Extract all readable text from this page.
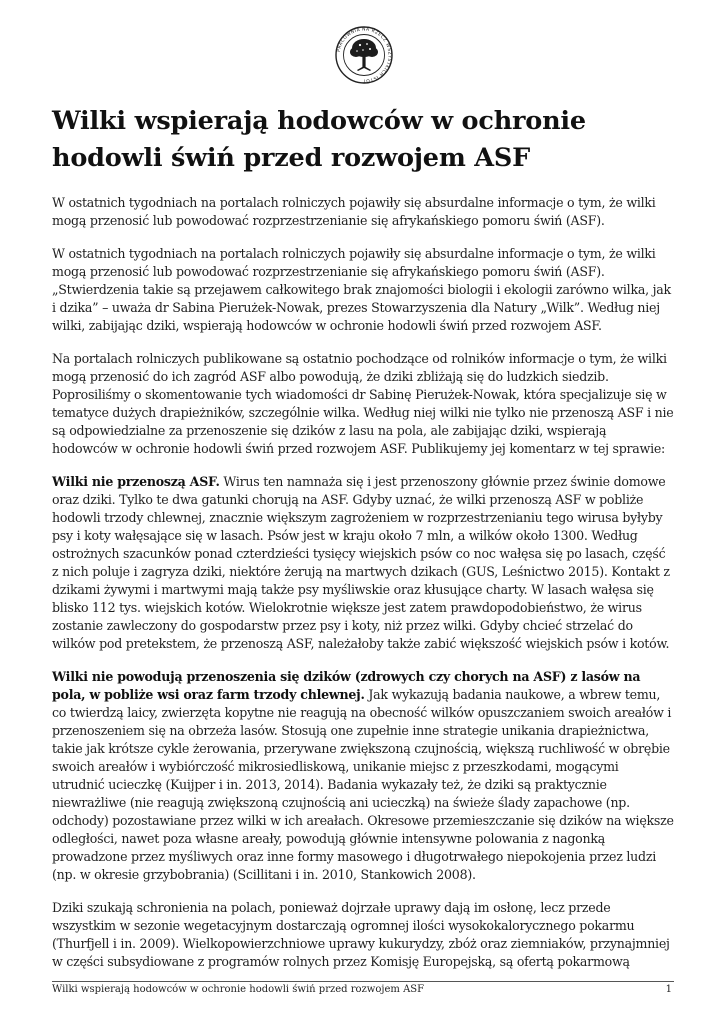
PRACOWNIA NA RZECZ WSZYSTKICH ISTOT
Wilki wspierają hodowców w ochronie
hodowli świń przed rozwojem ASF

W ostatnich tygodniach na portalach rolniczych pojawiły się absurdalne informacje o tym, że wilki mogą przenosić lub powodować rozprzestrzenianie się afrykańskiego pomoru świń (ASF).

W ostatnich tygodniach na portalach rolniczych pojawiły się absurdalne informacje o tym, że wilki mogą przenosić lub powodować rozprzestrzenianie się afrykańskiego pomoru świń (ASF). „Stwierdzenia takie są przejawem całkowitego brak znajomości biologii i ekologii zarówno wilka, jak i dzika” – uważa dr Sabina Pierużek-Nowak, prezes Stowarzyszenia dla Natury „Wilk”. Według niej wilki, zabijając dziki, wspierają hodowców w ochronie hodowli świń przed rozwojem ASF.

Na portalach rolniczych publikowane są ostatnio pochodzące od rolników informacje o tym, że wilki mogą przenosić do ich zagród ASF albo powodują, że dziki zbliżają się do ludzkich siedzib. Poprosiliśmy o skomentowanie tych wiadomości dr Sabinę Pierużek-Nowak, która specjalizuje się w tematyce dużych drapieżników, szczególnie wilka. Według niej wilki nie tylko nie przenoszą ASF i nie są odpowiedzialne za przenoszenie się dzików z lasu na pola, ale zabijając dziki, wspierają hodowców w ochronie hodowli świń przed rozwojem ASF. Publikujemy jej komentarz w tej sprawie:

Wilki nie przenoszą ASF. Wirus ten namnaża się i jest przenoszony głównie przez świnie domowe oraz dziki. Tylko te dwa gatunki chorują na ASF. Gdyby uznać, że wilki przenoszą ASF w pobliże hodowli trzody chlewnej, znacznie większym zagrożeniem w rozprzestrzenianiu tego wirusa byłyby psy i koty wałęsające się w lasach. Psów jest w kraju około 7 mln, a wilków około 1300. Według ostrożnych szacunków ponad czterdzieści tysięcy wiejskich psów co noc wałęsa się po lasach, część z nich poluje i zagryza dziki, niektóre żerują na martwych dzikach (GUS, Leśnictwo 2015). Kontakt z dzikami żywymi i martwymi mają także psy myśliwskie oraz kłusujące charty. W lasach wałęsa się blisko 112 tys. wiejskich kotów. Wielokrotnie większe jest zatem prawdopodobieństwo, że wirus zostanie zawleczony do gospodarstw przez psy i koty, niż przez wilki. Gdyby chcieć strzelać do wilków pod pretekstem, że przenoszą ASF, należałoby także zabić większość wiejskich psów i kotów.

Wilki nie powodują przenoszenia się dzików (zdrowych czy chorych na ASF) z lasów na pola, w pobliże wsi oraz farm trzody chlewnej. Jak wykazują badania naukowe, a wbrew temu, co twierdzą laicy, zwierzęta kopytne nie reagują na obecność wilków opuszczaniem swoich areałów i przenoszeniem się na obrzeża lasów. Stosują one zupełnie inne strategie unikania drapieżnictwa, takie jak krótsze cykle żerowania, przerywane zwiększoną czujnością, większą ruchliwość w obrębie swoich areałów i wybiórczość mikrosiedliskową, unikanie miejsc z przeszkodami, mogącymi utrudnić ucieczkę (Kuijper i in. 2013, 2014). Badania wykazały też, że dziki są praktycznie niewrażliwe (nie reagują zwiększoną czujnością ani ucieczką) na świeże ślady zapachowe (np. odchody) pozostawiane przez wilki w ich areałach. Okresowe przemieszczanie się dzików na większe odległości, nawet poza własne areały, powodują głównie intensywne polowania z nagonką prowadzone przez myśliwych oraz inne formy masowego i długotrwałego niepokojenia przez ludzi (np. w okresie grzybobrania) (Scillitani i in. 2010, Stankowich 2008).

Dziki szukają schronienia na polach, ponieważ dojrzałe uprawy dają im osłonę, lecz przede wszystkim w sezonie wegetacyjnym dostarczają ogromnej ilości wysokokalorycznego pokarmu (Thurfjell i in. 2009). Wielkopowierzchniowe uprawy kukurydzy, zbóż oraz ziemniaków, przynajmniej w części subsydiowane z programów rolnych przez Komisję Europejską, są ofertą pokarmową

Wilki wspierają hodowców w ochronie hodowli świń przed rozwojem ASF	1
